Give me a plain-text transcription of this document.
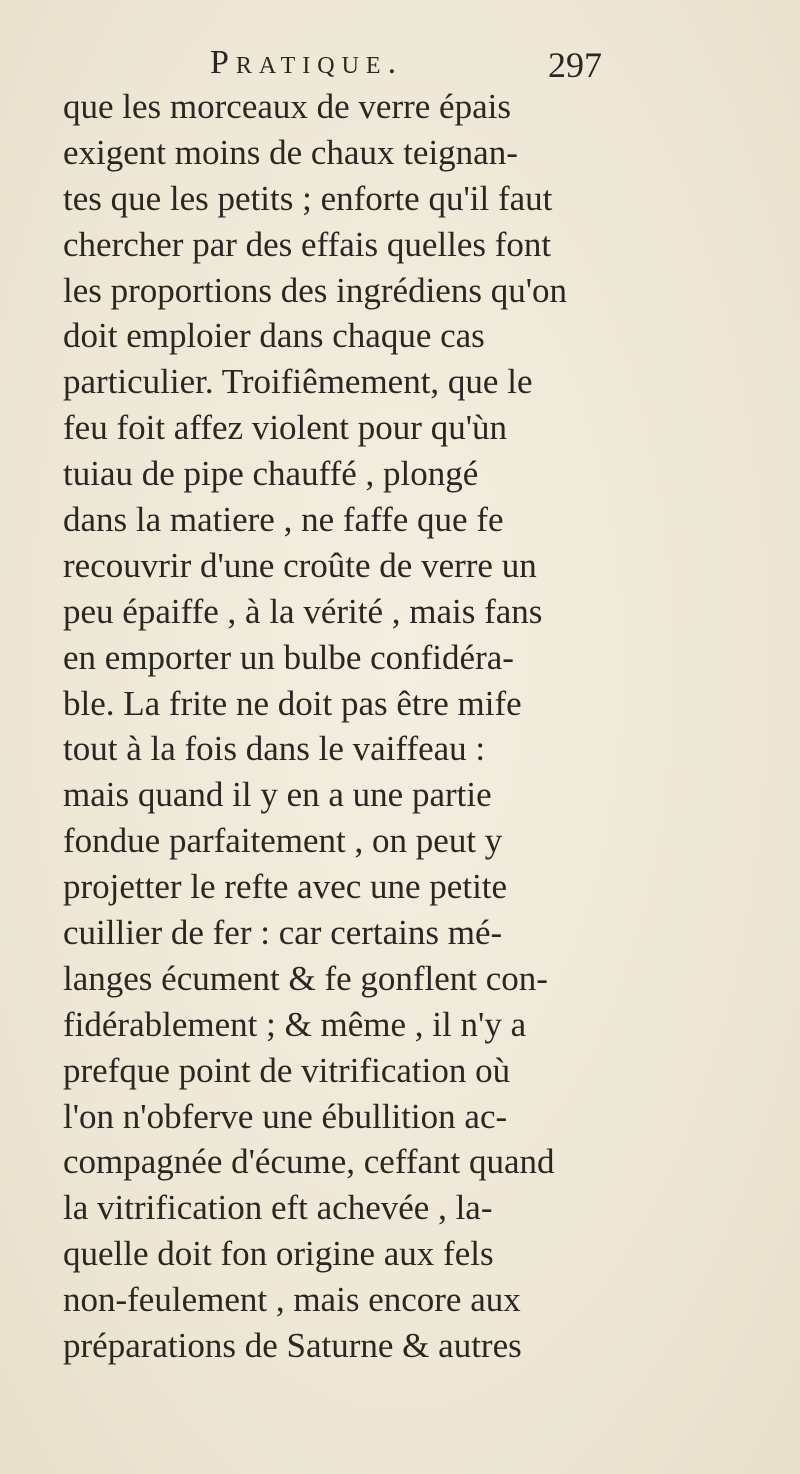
Pratique.	297
que les morceaux de verre épais
exigent moins de chaux teignan-
tes que les petits ; enforte qu'il faut
chercher par des effais quelles font
les proportions des ingrédiens qu'on
doit emploier dans chaque cas
particulier. Troifiêmement, que le
feu foit affez violent pour qu'ùn
tuiau de pipe chauffé , plongé
dans la matiere , ne faffe que fe
recouvrir d'une croûte de verre un
peu épaiffe , à la vérité , mais fans
en emporter un bulbe confidéra-
ble. La frite ne doit pas être mife
tout à la fois dans le vaiffeau :
mais quand il y en a une partie
fondue parfaitement , on peut y
projetter le refte avec une petite
cuillier de fer : car certains mé-
langes écument & fe gonflent con-
fidérablement ; & même , il n'y a
prefque point de vitrification où
l'on n'obferve une ébullition ac-
compagnée d'écume, ceffant quand
la vitrification eft achevée , la-
quelle doit fon origine aux fels
non-feulement , mais encore aux
préparations de Saturne & autres
